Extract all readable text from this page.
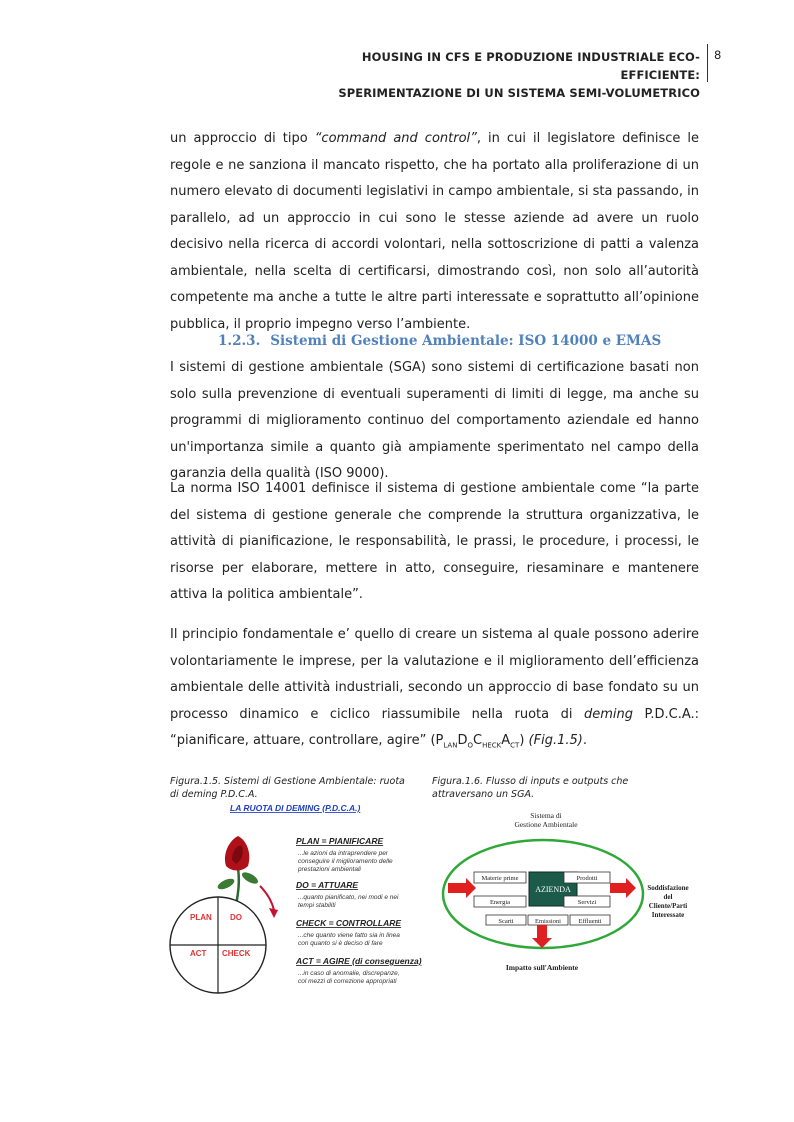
HOUSING IN CFS E PRODUZIONE INDUSTRIALE ECO-EFFICIENTE:
SPERIMENTAZIONE DI UN SISTEMA SEMI-VOLUMETRICO
8

un approccio di tipo “command and control”, in cui il legislatore definisce le regole e ne sanziona il mancato rispetto, che ha portato alla proliferazione di un numero elevato di documenti legislativi in campo ambientale, si sta passando, in parallelo, ad un approccio in cui sono le stesse aziende ad avere un ruolo decisivo nella ricerca di accordi volontari, nella sottoscrizione di patti a valenza ambientale, nella scelta di certificarsi, dimostrando così, non solo all’autorità competente ma anche a tutte le altre parti interessate e soprattutto all’opinione pubblica, il proprio impegno verso l’ambiente.

1.2.3. Sistemi di Gestione Ambientale: ISO 14000 e EMAS

I sistemi di gestione ambientale (SGA) sono sistemi di certificazione basati non solo sulla prevenzione di eventuali superamenti di limiti di legge, ma anche su programmi di miglioramento continuo del comportamento aziendale ed hanno un'importanza simile a quanto già ampiamente sperimentato nel campo della garanzia della qualità (ISO 9000).

La norma ISO 14001 definisce il sistema di gestione ambientale come “la parte del sistema di gestione generale che comprende la struttura organizzativa, le attività di pianificazione, le responsabilità, le prassi, le procedure, i processi, le risorse per elaborare, mettere in atto, conseguire, riesaminare e mantenere attiva la politica ambientale”.

Il principio fondamentale e’ quello di creare un sistema al quale possono aderire volontariamente le imprese, per la valutazione e il miglioramento dell’efficienza ambientale delle attività industriali, secondo un approccio di base fondato su un processo dinamico e ciclico riassumibile nella ruota di deming P.D.C.A.: “pianificare, attuare, controllare, agire” $(P_{LAN}D_OC_{HECK}A_{CT})$ (Fig.1.5).

Figura.1.5. Sistemi di Gestione Ambientale: ruota di deming P.D.C.A.
Figura.1.6. Flusso di inputs e outputs che attraversano un SGA.
LA RUOTA DI DEMING (P.D.C.A.)
PLAN DO
ACT CHECK
PLAN = PIANIFICARE
...le azioni da intraprendere per
conseguire il miglioramento delle
prestazioni ambientali
DO = ATTUARE
...quanto pianificato, nei modi e nei
tempi stabiliti
CHECK = CONTROLLARE
...che quanto viene fatto sia in linea
con quanto si è deciso di fare
ACT = AGIRE (di conseguenza)
...in caso di anomalie, discrepanze,
col mezzi di correzione appropriati
Sistema di
Gestione Ambientale
Materie prime
Energia
AZIENDA
Prodotti
Servizi
Scarti	Emissioni	Effluenti
Soddisfazione
del
Cliente/Parti
Interessate
Impatto sull'Ambiente
